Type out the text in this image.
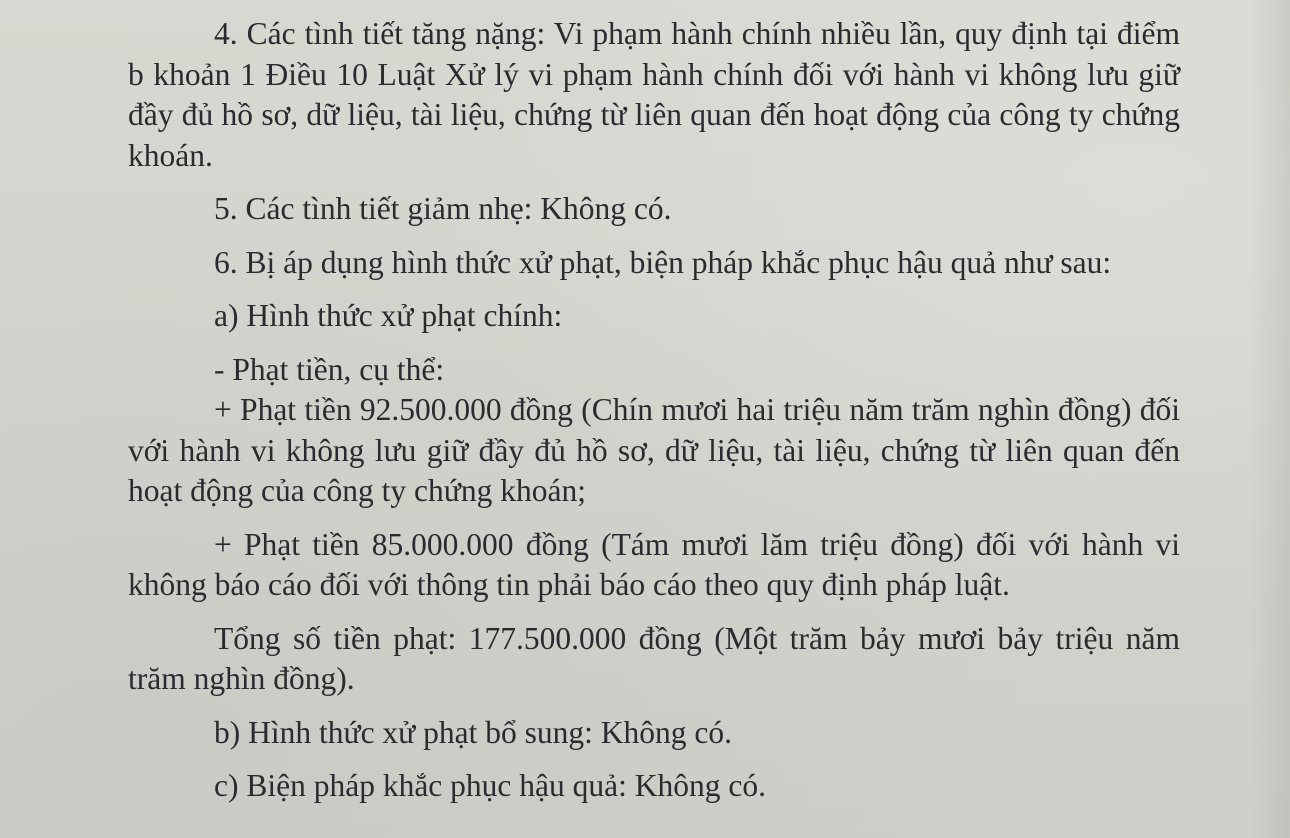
4. Các tình tiết tăng nặng: Vi phạm hành chính nhiều lần, quy định tại điểm b khoản 1 Điều 10 Luật Xử lý vi phạm hành chính đối với hành vi không lưu giữ đầy đủ hồ sơ, dữ liệu, tài liệu, chứng từ liên quan đến hoạt động của công ty chứng khoán.

5. Các tình tiết giảm nhẹ: Không có.

6. Bị áp dụng hình thức xử phạt, biện pháp khắc phục hậu quả như sau:

a) Hình thức xử phạt chính:

- Phạt tiền, cụ thể:

+ Phạt tiền 92.500.000 đồng (Chín mươi hai triệu năm trăm nghìn đồng) đối với hành vi không lưu giữ đầy đủ hồ sơ, dữ liệu, tài liệu, chứng từ liên quan đến hoạt động của công ty chứng khoán;

+ Phạt tiền 85.000.000 đồng (Tám mươi lăm triệu đồng) đối với hành vi không báo cáo đối với thông tin phải báo cáo theo quy định pháp luật.

Tổng số tiền phạt: 177.500.000 đồng (Một trăm bảy mươi bảy triệu năm trăm nghìn đồng).

b) Hình thức xử phạt bổ sung: Không có.

c) Biện pháp khắc phục hậu quả: Không có.
